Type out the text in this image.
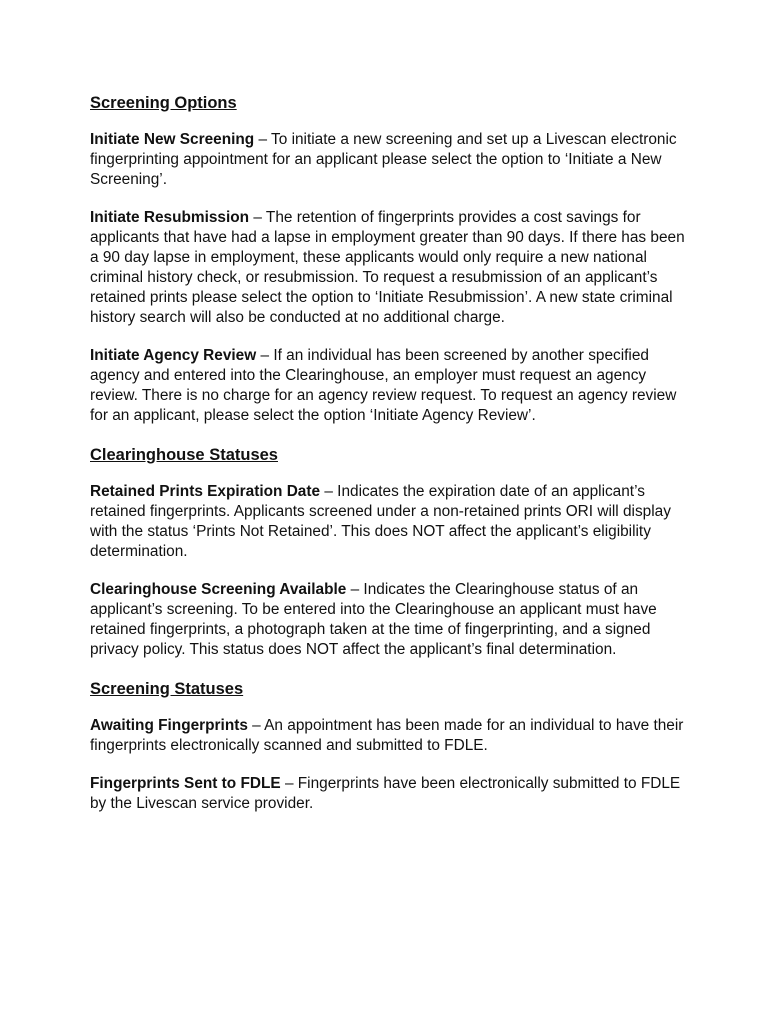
Screening Options
Initiate New Screening – To initiate a new screening and set up a Livescan electronic fingerprinting appointment for an applicant please select the option to ‘Initiate a New Screening’.
Initiate Resubmission – The retention of fingerprints provides a cost savings for applicants that have had a lapse in employment greater than 90 days. If there has been a 90 day lapse in employment, these applicants would only require a new national criminal history check, or resubmission. To request a resubmission of an applicant’s retained prints please select the option to ‘Initiate Resubmission’. A new state criminal history search will also be conducted at no additional charge.
Initiate Agency Review – If an individual has been screened by another specified agency and entered into the Clearinghouse, an employer must request an agency review. There is no charge for an agency review request. To request an agency review for an applicant, please select the option ‘Initiate Agency Review’.
Clearinghouse Statuses
Retained Prints Expiration Date – Indicates the expiration date of an applicant’s retained fingerprints. Applicants screened under a non-retained prints ORI will display with the status ‘Prints Not Retained’. This does NOT affect the applicant’s eligibility determination.
Clearinghouse Screening Available – Indicates the Clearinghouse status of an applicant’s screening. To be entered into the Clearinghouse an applicant must have retained fingerprints, a photograph taken at the time of fingerprinting, and a signed privacy policy. This status does NOT affect the applicant’s final determination.
Screening Statuses
Awaiting Fingerprints – An appointment has been made for an individual to have their fingerprints electronically scanned and submitted to FDLE.
Fingerprints Sent to FDLE – Fingerprints have been electronically submitted to FDLE by the Livescan service provider.
